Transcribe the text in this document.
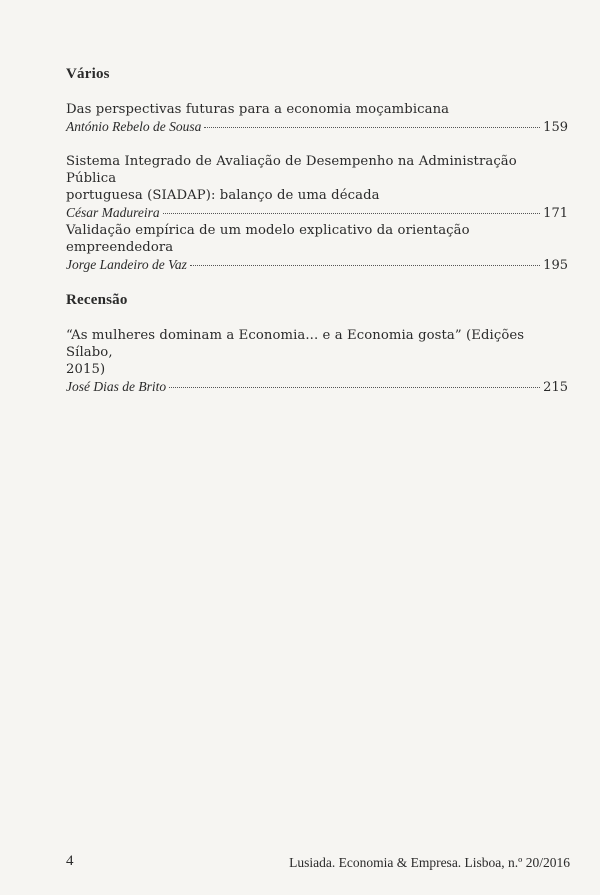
Vários
Das perspectivas futuras para a economia moçambicana
António Rebelo de Sousa	159
Sistema Integrado de Avaliação de Desempenho na Administração Pública
portuguesa (SIADAP): balanço de uma década
César Madureira	171
Validação empírica de um modelo explicativo da orientação empreendedora
Jorge Landeiro de Vaz	195
Recensão
“As mulheres dominam a Economia... e a Economia gosta” (Edições Sílabo,
2015)
José Dias de Brito	215
4	Lusiada. Economia & Empresa. Lisboa, n.º 20/2016
